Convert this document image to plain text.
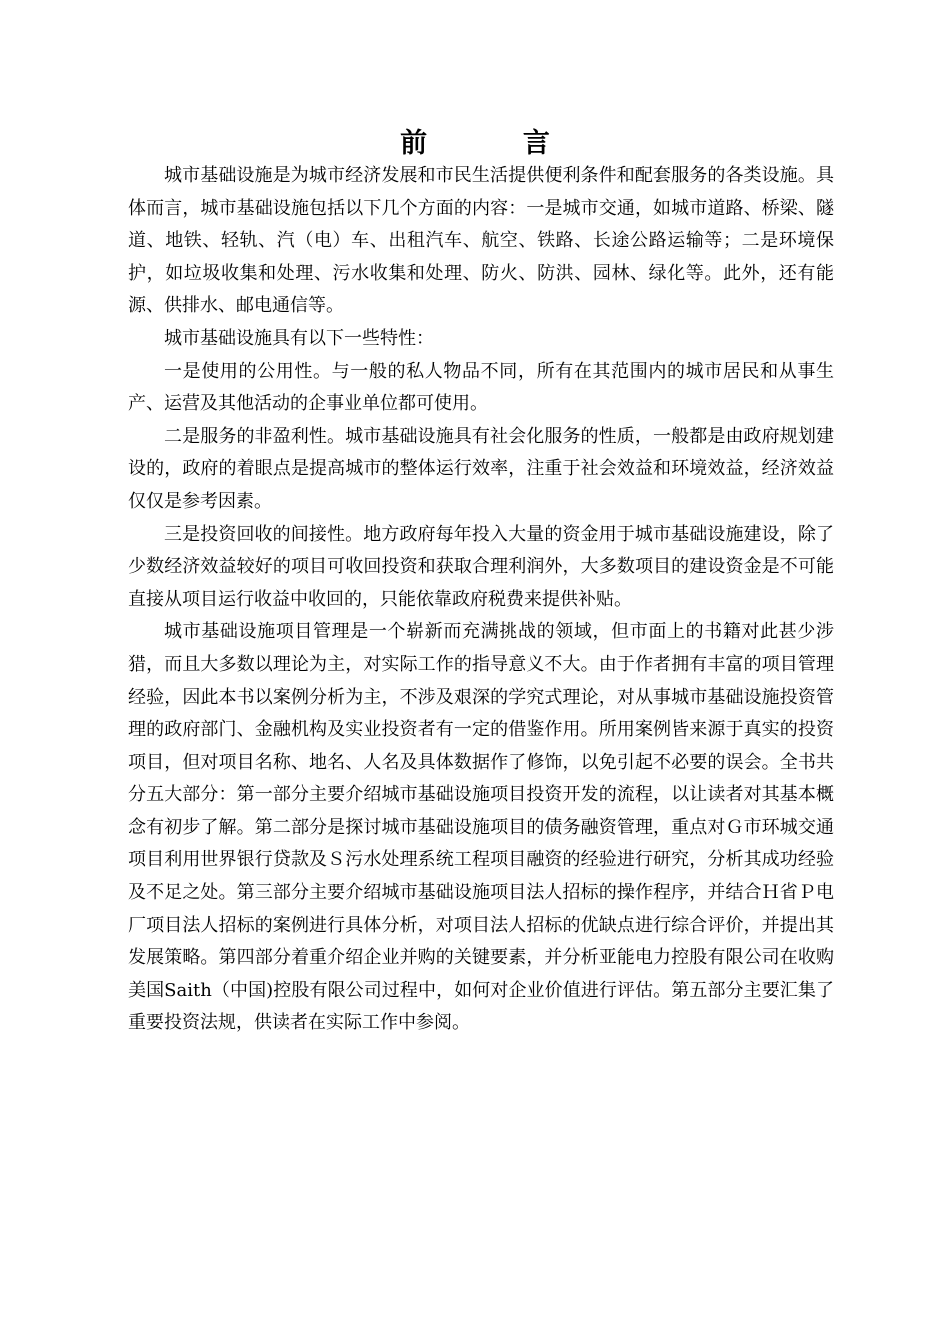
前 言

城市基础设施是为城市经济发展和市民生活提供便利条件和配套服务的各类设施。具体而言，城市基础设施包括以下几个方面的内容：一是城市交通，如城市道路、桥梁、隧道、地铁、轻轨、汽（电）车、出租汽车、航空、铁路、长途公路运输等；二是环境保护，如垃圾收集和处理、污水收集和处理、防火、防洪、园林、绿化等。此外，还有能源、供排水、邮电通信等。

城市基础设施具有以下一些特性：

一是使用的公用性。与一般的私人物品不同，所有在其范围内的城市居民和从事生产、运营及其他活动的企事业单位都可使用。

二是服务的非盈利性。城市基础设施具有社会化服务的性质，一般都是由政府规划建设的，政府的着眼点是提高城市的整体运行效率，注重于社会效益和环境效益，经济效益仅仅是参考因素。

三是投资回收的间接性。地方政府每年投入大量的资金用于城市基础设施建设，除了少数经济效益较好的项目可收回投资和获取合理利润外，大多数项目的建设资金是不可能直接从项目运行收益中收回的，只能依靠政府税费来提供补贴。

城市基础设施项目管理是一个崭新而充满挑战的领域，但市面上的书籍对此甚少涉猎，而且大多数以理论为主，对实际工作的指导意义不大。由于作者拥有丰富的项目管理经验，因此本书以案例分析为主，不涉及艰深的学究式理论，对从事城市基础设施投资管理的政府部门、金融机构及实业投资者有一定的借鉴作用。所用案例皆来源于真实的投资项目，但对项目名称、地名、人名及具体数据作了修饰，以免引起不必要的误会。全书共分五大部分：第一部分主要介绍城市基础设施项目投资开发的流程，以让读者对其基本概念有初步了解。第二部分是探讨城市基础设施项目的债务融资管理，重点对Ｇ市环城交通项目利用世界银行贷款及Ｓ污水处理系统工程项目融资的经验进行研究，分析其成功经验及不足之处。第三部分主要介绍城市基础设施项目法人招标的操作程序，并结合Ｈ省Ｐ电厂项目法人招标的案例进行具体分析，对项目法人招标的优缺点进行综合评价，并提出其发展策略。第四部分着重介绍企业并购的关键要素，并分析亚能电力控股有限公司在收购美国Saith（中国)控股有限公司过程中，如何对企业价值进行评估。第五部分主要汇集了重要投资法规，供读者在实际工作中参阅。
